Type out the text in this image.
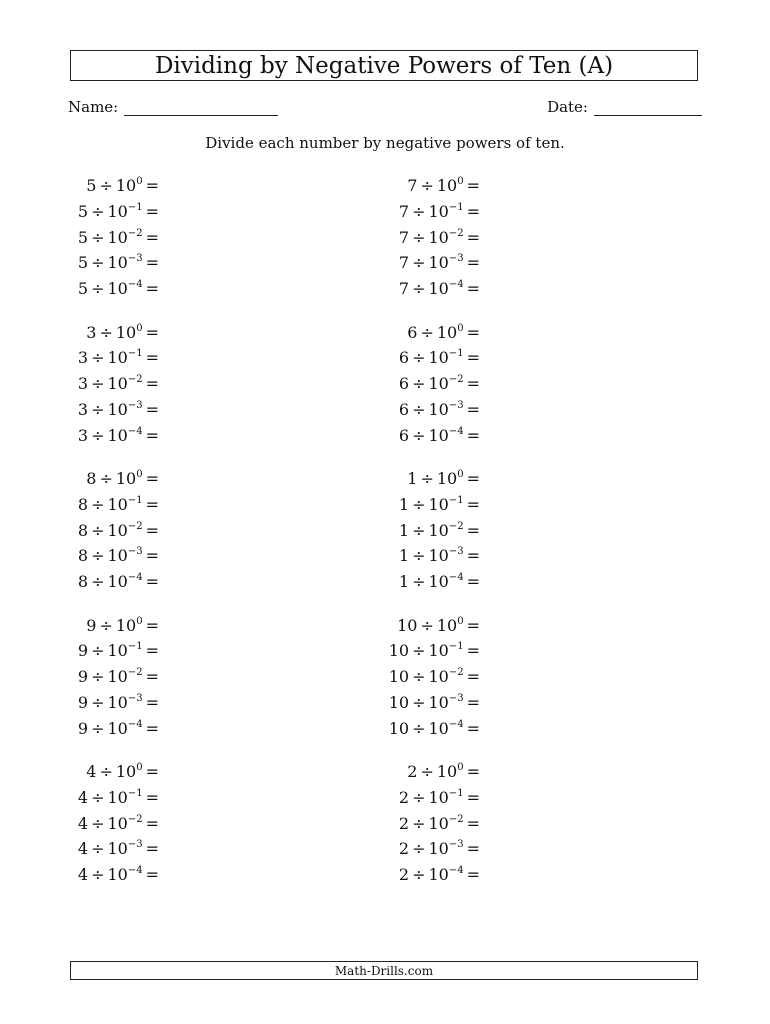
Dividing by Negative Powers of Ten (A)
Name:	Date:
Divide each number by negative powers of ten.
$5 \div 10^0$ =
$5 \div 10^{-1}$ =
$5 \div 10^{-2}$ =
$5 \div 10^{-3}$ =
$5 \div 10^{-4}$ =
$3 \div 10^0$ =
$3 \div 10^{-1}$ =
$3 \div 10^{-2}$ =
$3 \div 10^{-3}$ =
$3 \div 10^{-4}$ =
$8 \div 10^0$ =
$8 \div 10^{-1}$ =
$8 \div 10^{-2}$ =
$8 \div 10^{-3}$ =
$8 \div 10^{-4}$ =
$9 \div 10^0$ =
$9 \div 10^{-1}$ =
$9 \div 10^{-2}$ =
$9 \div 10^{-3}$ =
$9 \div 10^{-4}$ =
$4 \div 10^0$ =
$4 \div 10^{-1}$ =
$4 \div 10^{-2}$ =
$4 \div 10^{-3}$ =
$4 \div 10^{-4}$ =
$7 \div 10^0$ =
$7 \div 10^{-1}$ =
$7 \div 10^{-2}$ =
$7 \div 10^{-3}$ =
$7 \div 10^{-4}$ =
$6 \div 10^0$ =
$6 \div 10^{-1}$ =
$6 \div 10^{-2}$ =
$6 \div 10^{-3}$ =
$6 \div 10^{-4}$ =
$1 \div 10^0$ =
$1 \div 10^{-1}$ =
$1 \div 10^{-2}$ =
$1 \div 10^{-3}$ =
$1 \div 10^{-4}$ =
$10 \div 10^0$ =
$10 \div 10^{-1}$ =
$10 \div 10^{-2}$ =
$10 \div 10^{-3}$ =
$10 \div 10^{-4}$ =
$2 \div 10^0$ =
$2 \div 10^{-1}$ =
$2 \div 10^{-2}$ =
$2 \div 10^{-3}$ =
$2 \div 10^{-4}$ =
Math-Drills.com
